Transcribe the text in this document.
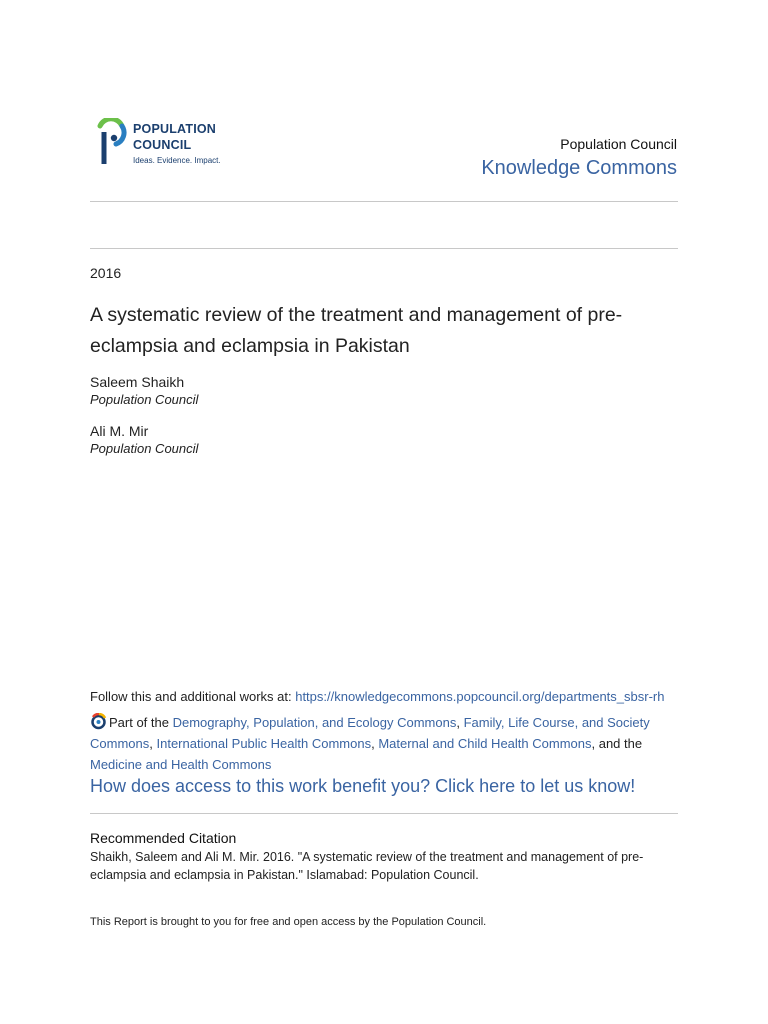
POPULATION
COUNCIL
Ideas. Evidence. Impact.
Population Council
Knowledge Commons
2016
A systematic review of the treatment and management of pre-eclampsia and eclampsia in Pakistan
Saleem Shaikh
Population Council
Ali M. Mir
Population Council
Follow this and additional works at: https://knowledgecommons.popcouncil.org/departments_sbsr-rh
Part of the Demography, Population, and Ecology Commons, Family, Life Course, and Society Commons, International Public Health Commons, Maternal and Child Health Commons, and the Medicine and Health Commons
How does access to this work benefit you? Click here to let us know!
Recommended Citation
Shaikh, Saleem and Ali M. Mir. 2016. "A systematic review of the treatment and management of pre-eclampsia and eclampsia in Pakistan." Islamabad: Population Council.
This Report is brought to you for free and open access by the Population Council.
